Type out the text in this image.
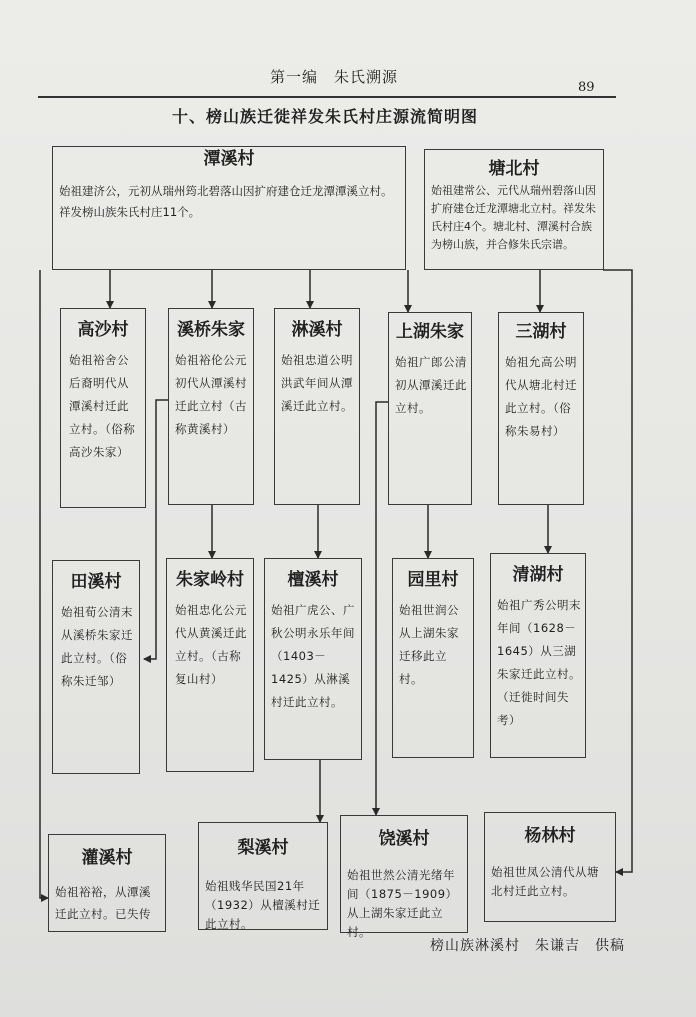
第一编　朱氏溯源
89
十、榜山族迁徙祥发朱氏村庄源流简明图
潭溪村
始祖建济公，元初从瑞州筠北碧落山因扩府建仓迁龙潭潭溪立村。祥发榜山族朱氏村庄11个。
塘北村
始祖建常公、元代从瑞州碧落山因扩府建仓迁龙潭塘北立村。祥发朱氏村庄4个。塘北村、潭溪村合族为榜山族，并合修朱氏宗谱。
高沙村
始祖裕舍公后裔明代从潭溪村迁此立村。（俗称高沙朱家）
溪桥朱家
始祖裕伦公元初代从潭溪村迁此立村（古称黄溪村）
淋溪村
始祖忠道公明洪武年间从潭溪迁此立村。
上湖朱家
始祖广郎公清初从潭溪迁此立村。
三湖村
始祖允高公明代从塘北村迁此立村。（俗称朱易村）
田溪村
始祖荀公清末从溪桥朱家迁此立村。（俗称朱迁邹）
朱家岭村
始祖忠化公元代从黄溪迁此立村。（古称复山村）
檀溪村
始祖广虎公、广秋公明永乐年间（1403－1425）从淋溪村迁此立村。
园里村
始祖世润公从上湖朱家迁移此立村。
清湖村
始祖广秀公明末年间（1628－1645）从三湖朱家迁此立村。（迁徙时间失考）
灌溪村
始祖裕裕，从潭溪迁此立村。已失传
梨溪村
始祖贱华民国21年（1932）从檀溪村迁此立村。
饶溪村
始祖世然公清光绪年间（1875－1909）从上湖朱家迁此立村。
杨林村
始祖世凤公清代从塘北村迁此立村。
榜山族淋溪村　朱谦吉　供稿
